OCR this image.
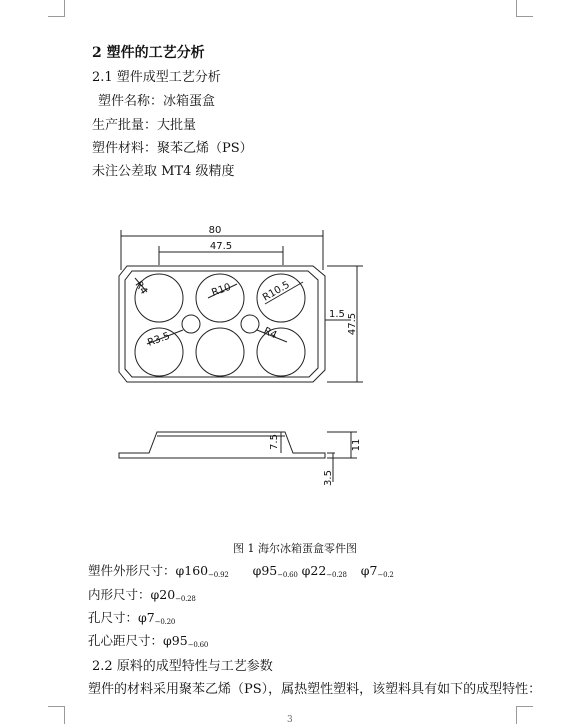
2 塑件的工艺分析
2.1 塑件成型工艺分析
塑件名称：冰箱蛋盒
生产批量：大批量
塑件材料：聚苯乙烯（PS）
未注公差取 MT4 级精度
80
47.5
R4	R10	R10.5
R3.5	R4
1.5 47.5
7.5	11
3.5
图 1 海尔冰箱蛋盒零件图
塑件外形尺寸：$\varphi 160_{-0.92}$ $\varphi 95_{-0.60}$ $\varphi 22_{-0.28}$ $\varphi 7_{-0.2}$
内形尺寸：$\varphi 20_{-0.28}$
孔尺寸：$\varphi 7_{-0.20}$
孔心距尺寸：$\varphi 95_{-0.60}$
2.2 原料的成型特性与工艺参数
塑件的材料采用聚苯乙烯（PS），属热塑性塑料，该塑料具有如下的成型特性：
3
